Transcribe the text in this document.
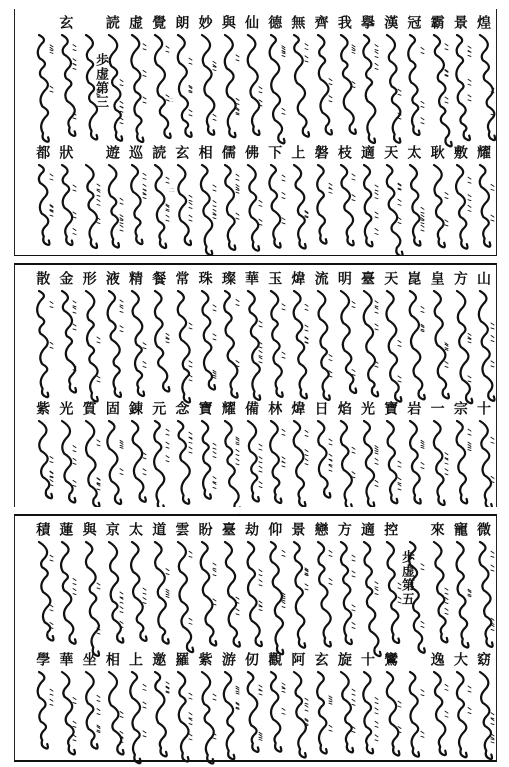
歩虚第三	二
二
煌
耀
景
敷
霸
耿
冠
太
漢
天
擧
適
我
枝
齊
磐
無
上
德
下
仙
佛
與
儒
妙
相
朗
玄
覺
読
虚
巡
読
遊
玄
狀
都
山
十
方
宗
皇
一
崑
岩
天
寶
臺
光
明
焰
流
日
煒
煒
玉
林
華
備
璨
耀
珠
寶
常
念
餐
元
精
錬
液
固
形
質
金
光
散
紫
歩虚第五
微
窈
寵
大
來
逸
控
鸞
適
十
方
旋
戀
玄
景
阿
仰
觀
劫
仞
臺
游
盼
紫
雲
羅
道
邀
太
上
京
相
與
坐
蓮
華
積
學
